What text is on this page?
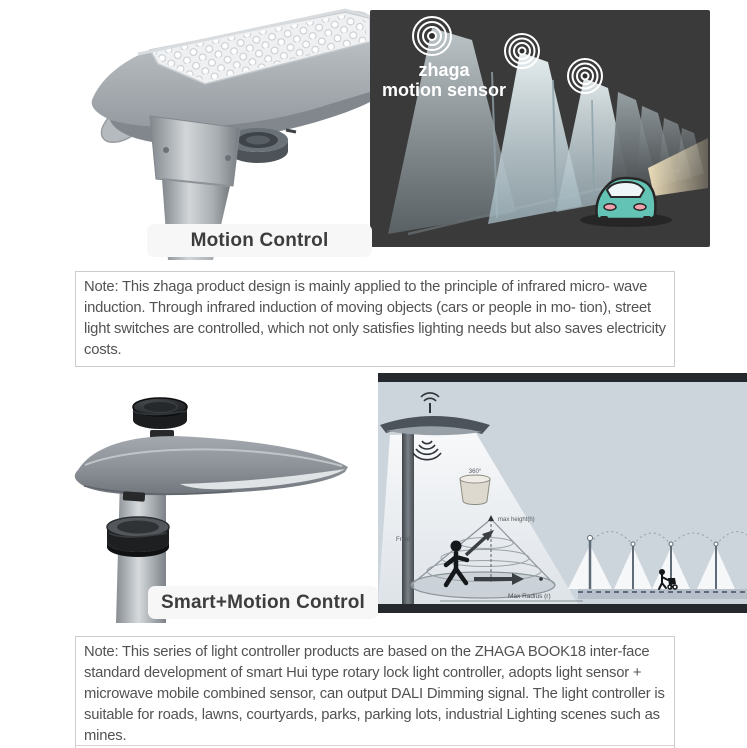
zhaga
motion sensor
Motion Control
Note: This zhaga product design is mainly applied to the principle of infrared micro- wave induction. Through infrared induction of moving objects (cars or people in mo- tion), street light switches are controlled, which not only satisfies lighting needs but also saves electricity costs.
360°
max height(h)
Front
Max Radius (r)
Smart+Motion Control
Note: This series of light controller products are based on the ZHAGA BOOK18 inter-face standard development of smart Hui type rotary lock light controller, adopts light sensor + microwave mobile combined sensor, can output DALI Dimming signal. The light controller is suitable for roads, lawns, courtyards, parks, parking lots, industrial Lighting scenes such as mines.
